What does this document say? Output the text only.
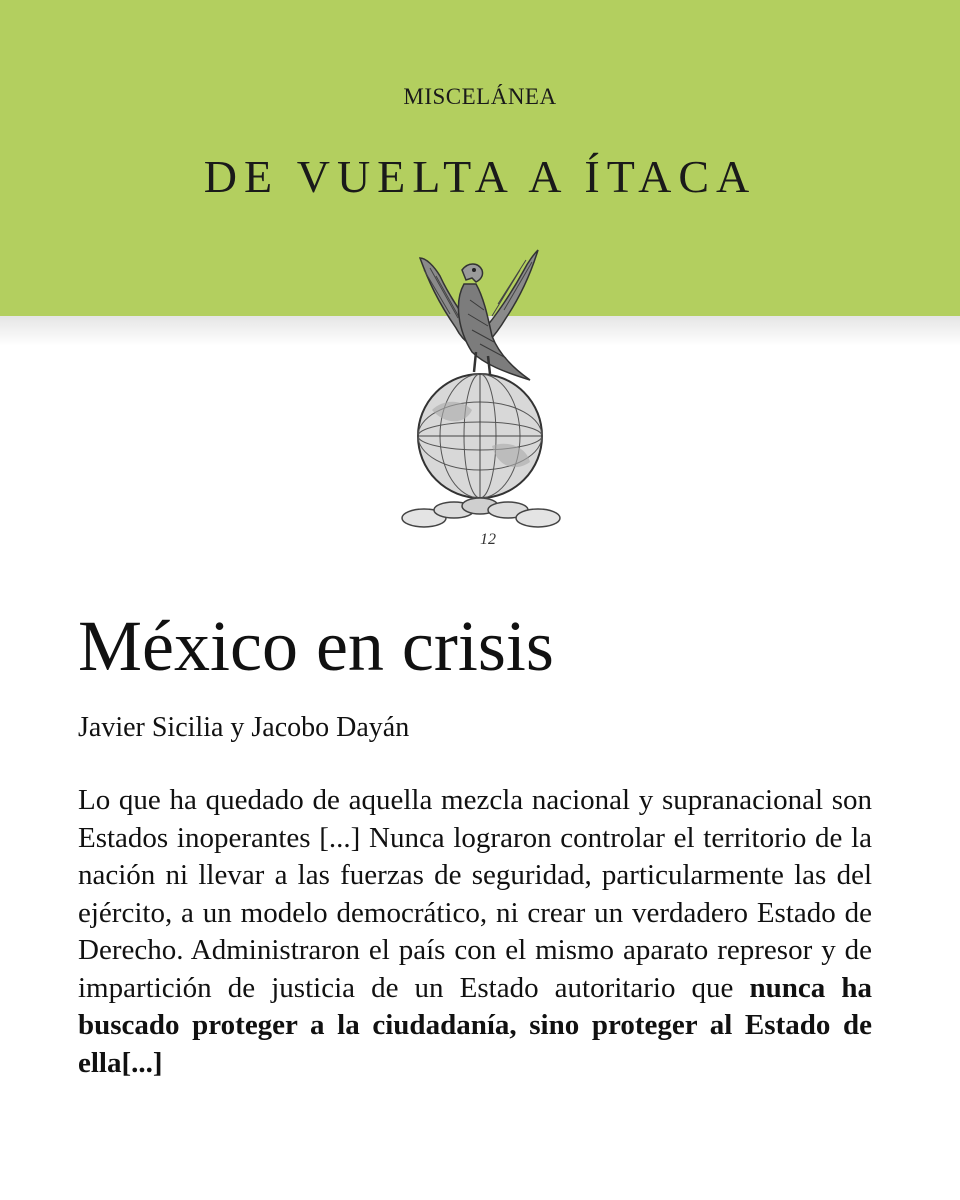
MISCELÁNEA
DE VUELTA A ÍTACA
12
México en crisis
Javier Sicilia y Jacobo Dayán
Lo que ha quedado de aquella mezcla nacional y supranacional son Estados inoperantes [...] Nunca lograron controlar el territorio de la nación ni llevar a las fuerzas de seguridad, particularmente las del ejército, a un modelo democrático, ni crear un verdadero Estado de Derecho. Administraron el país con el mismo aparato represor y de impartición de justicia de un Estado autoritario que nunca ha buscado proteger a la ciudadanía, sino proteger al Estado de ella[...]
